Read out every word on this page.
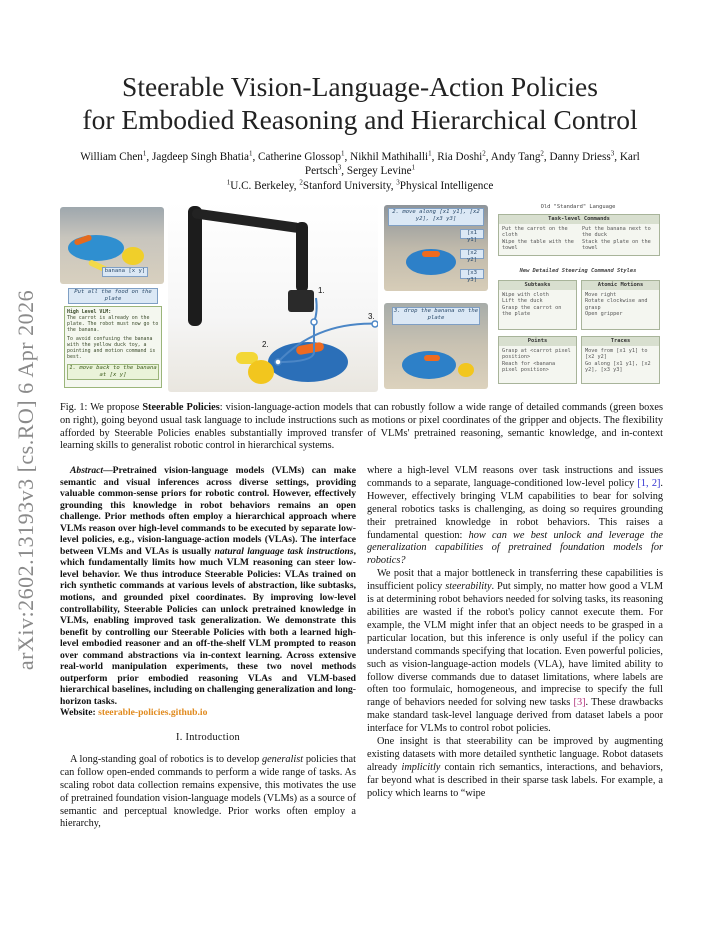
arXiv:2602.13193v3 [cs.RO] 6 Apr 2026
Steerable Vision-Language-Action Policies
for Embodied Reasoning and Hierarchical Control
William Chen$^1$, Jagdeep Singh Bhatia$^1$, Catherine Glossop$^1$, Nikhil Mathihalli$^1$, Ria Doshi$^2$, Andy Tang$^2$, Danny Driess$^3$, Karl Pertsch$^3$, Sergey Levine$^1$
$^1$U.C. Berkeley, $^2$Stanford University, $^3$Physical Intelligence
banana [x y]
Put all the food on the plate
High Level VLM:
The carrot is already on the plate. The robot must now go to the banana.
To avoid confusing the banana with the yellow duck toy, a pointing and motion command is best.
1. move back to the banana at [x y]
1.
2.
3.
2. move along [x1 y1], [x2 y2], [x3 y3]
[x1 y1]
[x2 y2]
[x3 y3]
3. drop the banana on the plate
Old "Standard" Language
Task-level Commands
Put the carrot on the cloth
Wipe the table with the towel
Put the banana next to the duck
Stack the plate on the towel
New Detailed Steering Command Styles
Subtasks
Wipe with cloth
Lift the duck
Grasp the carrot on the plate
Atomic Motions
Move right
Rotate clockwise and grasp
Open gripper
Points
Grasp at <carrot pixel position>
Reach for <banana pixel position>
Traces
Move from [x1 y1] to [x2 y2]
Go along [x1 y1], [x2 y2], [x3 y3]
Fig. 1: We propose Steerable Policies: vision-language-action models that can robustly follow a wide range of detailed commands (green boxes on right), going beyond usual task language to include instructions such as motions or pixel coordinates of the gripper and objects. The flexibility afforded by Steerable Policies enables substantially improved transfer of VLMs' pretrained reasoning, semantic knowledge, and in-context learning skills to generalist robotic control in hierarchical systems.

Abstract—Pretrained vision-language models (VLMs) can make semantic and visual inferences across diverse settings, providing valuable common-sense priors for robotic control. However, effectively grounding this knowledge in robot behaviors remains an open challenge. Prior methods often employ a hierarchical approach where VLMs reason over high-level commands to be executed by separate low-level policies, e.g., vision-language-action models (VLAs). The interface between VLMs and VLAs is usually natural language task instructions, which fundamentally limits how much VLM reasoning can steer low-level behavior. We thus introduce Steerable Policies: VLAs trained on rich synthetic commands at various levels of abstraction, like subtasks, motions, and grounded pixel coordinates. By improving low-level controllability, Steerable Policies can unlock pretrained knowledge in VLMs, enabling improved task generalization. We demonstrate this benefit by controlling our Steerable Policies with both a learned high-level embodied reasoner and an off-the-shelf VLM prompted to reason over command abstractions via in-context learning. Across extensive real-world manipulation experiments, these two novel methods outperform prior embodied reasoning VLAs and VLM-based hierarchical baselines, including on challenging generalization and long-horizon tasks.

Website: steerable-policies.github.io

I. Introduction

A long-standing goal of robotics is to develop generalist policies that can follow open-ended commands to perform a wide range of tasks. As scaling robot data collection remains expensive, this motivates the use of pretrained foundation vision-language models (VLMs) as a source of semantic and perceptual knowledge. Prior works often employ a hierarchy,

where a high-level VLM reasons over task instructions and issues commands to a separate, language-conditioned low-level policy [1, 2]. However, effectively bringing VLM capabilities to bear for solving general robotics tasks is challenging, as doing so requires grounding their pretrained knowledge in robot behaviors. This raises a fundamental question: how can we best unlock and leverage the generalization capabilities of pretrained foundation models for robotics?

We posit that a major bottleneck in transferring these capabilities is insufficient policy steerability. Put simply, no matter how good a VLM is at determining robot behaviors needed for solving tasks, its reasoning abilities are wasted if the robot's policy cannot execute them. For example, the VLM might infer that an object needs to be grasped in a particular location, but this inference is only useful if the policy can understand commands specifying that location. Even powerful policies, such as vision-language-action models (VLA), have limited ability to follow diverse commands due to dataset limitations, where labels are often too formulaic, homogeneous, and imprecise to specify the full range of behaviors needed for solving new tasks [3]. These drawbacks make standard task-level language derived from dataset labels a poor interface for VLMs to control robot policies.

One insight is that steerability can be improved by augmenting existing datasets with more detailed synthetic language. Robot datasets already implicitly contain rich semantics, interactions, and behaviors, far beyond what is described in their sparse task labels. For example, a policy which learns to “wipe
